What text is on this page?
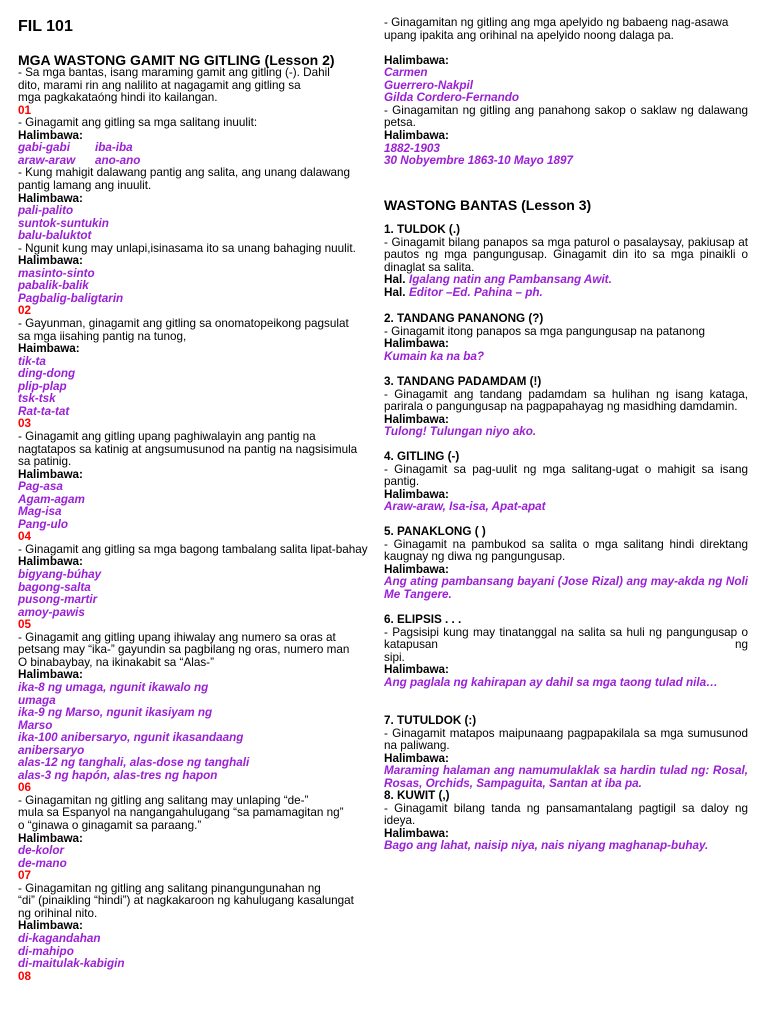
FIL 101
MGA WASTONG GAMIT NG GITLING (Lesson 2)
- Sa mga bantas, isang maraming gamit ang gitling (-). Dahil
dito, marami rin ang nalilito at nagagamit ang gitling sa
mga pagkakataóng hindi ito kailangan.
01
- Ginagamit ang gitling sa mga salitang inuulit:
Halimbawa:
gabi-gabi iba-iba
araw-araw ano-ano
- Kung mahigit dalawang pantig ang salita, ang unang dalawang
pantig lamang ang inuulit.
Halimbawa:
pali-palito
suntok-suntukin
balu-baluktot
- Ngunit kung may unlapi,isinasama ito sa unang bahaging nuulit.
Halimbawa:
masinto-sinto
pabalik-balik
Pagbalig-baligtarin
02
- Gayunman, ginagamit ang gitling sa onomatopeikong pagsulat
sa mga iisahing pantig na tunog,
Haimbawa:
tik-ta
ding-dong
plip-plap
tsk-tsk
Rat-ta-tat
03
- Ginagamit ang gitling upang paghiwalayin ang pantig na
nagtatapos sa katinig at angsumusunod na pantig na nagsisimula
sa patinig.
Halimbawa:
Pag-asa
Agam-agam
Mag-isa
Pang-ulo
04
- Ginagamit ang gitling sa mga bagong tambalang salita lipat-bahay
Halimbawa:
bigyang-búhay
bagong-salta
pusong-martir
amoy-pawis
05
- Ginagamit ang gitling upang ihiwalay ang numero sa oras at
petsang may “ika-” gayundin sa pagbilang ng oras, numero man
O binabaybay, na ikinakabit sa “Alas-”
Halimbawa:
ika-8 ng umaga, ngunit ikawalo ng
umaga
ika-9 ng Marso, ngunit ikasiyam ng
Marso
ika-100 anibersaryo, ngunit ikasandaang
anibersaryo
alas-12 ng tanghali, alas-dose ng tanghali
alas-3 ng hapón, alas-tres ng hapon
06
- Ginagamitan ng gitling ang salitang may unlaping “de-”
mula sa Espanyol na nangangahulugang “sa pamamagitan ng”
o “ginawa o ginagamit sa paraang.”
Halimbawa:
de-kolor
de-mano
07
- Ginagamitan ng gitling ang salitang pinangungunahan ng
“di” (pinaikling “hindi”) at nagkakaroon ng kahulugang kasalungat
ng orihinal nito.
Halimbawa:
di-kagandahan
di-mahipo
di-maitulak-kabigin
08
- Ginagamitan ng gitling ang mga apelyido ng babaeng nag-asawa
upang ipakita ang orihinal na apelyido noong dalaga pa.
Halimbawa:
Carmen
Guerrero-Nakpil
Gilda Cordero-Fernando
- Ginagamitan ng gitling ang panahong sakop o saklaw ng dalawang
petsa.
Halimbawa:
1882-1903
30 Nobyembre 1863-10 Mayo 1897
WASTONG BANTAS (Lesson 3)
1. TULDOK (.)
- Ginagamit bilang panapos sa mga paturol o pasalaysay, pakiusap at
pautos ng mga pangungusap. Ginagamit din ito sa mga pinaikli o
dinaglat sa salita.
Hal. Igalang natin ang Pambansang Awit.
Hal. Editor –Ed. Pahina – ph.
2. TANDANG PANANONG (?)
- Ginagamit itong panapos sa mga pangungusap na patanong
Halimbawa:
Kumain ka na ba?
3. TANDANG PADAMDAM (!)
- Ginagamit ang tandang padamdam sa hulihan ng isang kataga,
parirala o pangungusap na pagpapahayag ng masidhing damdamin.
Halimbawa:
Tulong! Tulungan niyo ako.
4. GITLING (-)
- Ginagamit sa pag-uulit ng mga salitang-ugat o mahigit sa isang
pantig.
Halimbawa:
Araw-araw, Isa-isa, Apat-apat
5. PANAKLONG ( )
- Ginagamit na pambukod sa salita o mga salitang hindi direktang
kaugnay ng diwa ng pangungusap.
Halimbawa:
Ang ating pambansang bayani (Jose Rizal) ang may-akda ng Noli
Me Tangere.
6. ELIPSIS . . .
- Pagsisipi kung may tinatanggal na salita sa huli ng pangungusap o
katapusan ng
sipi.
Halimbawa:
Ang paglala ng kahirapan ay dahil sa mga taong tulad nila…
7. TUTULDOK (:)
- Ginagamit matapos maipunaang pagpapakilala sa mga sumusunod
na paliwang.
Halimbawa:
Maraming halaman ang namumulaklak sa hardin tulad ng: Rosal,
Rosas, Orchids, Sampaguita, Santan at iba pa.
8. KUWIT (,)
- Ginagamit bilang tanda ng pansamantalang pagtigil sa daloy ng
ideya.
Halimbawa:
Bago ang lahat, naisip niya, nais niyang maghanap-buhay.
